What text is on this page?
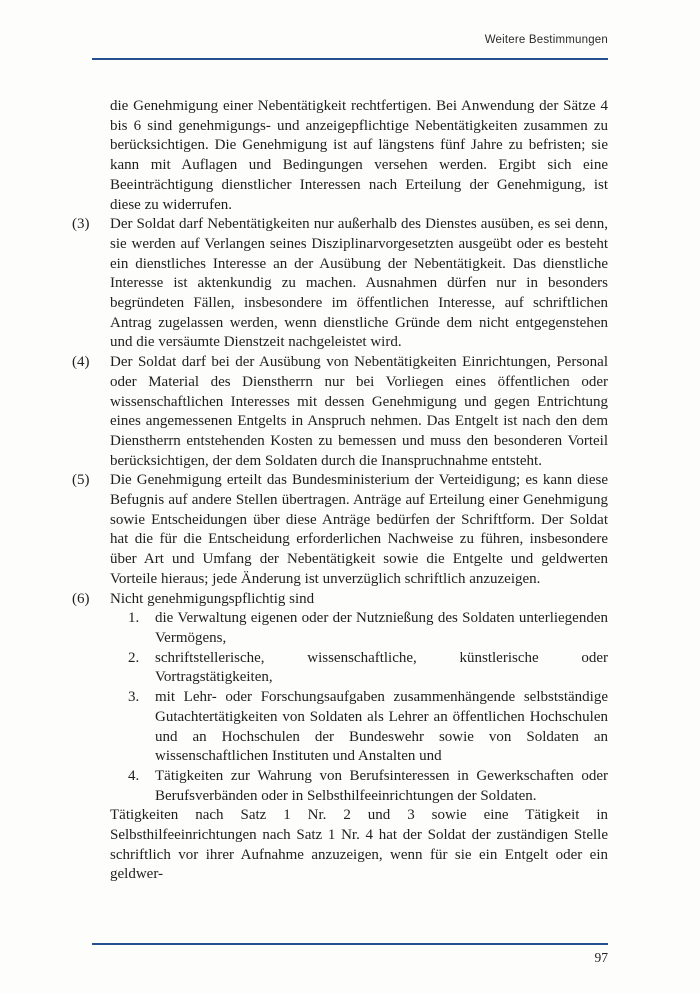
Weitere Bestimmungen

die Genehmigung einer Nebentätigkeit rechtfertigen. Bei Anwendung der Sätze 4 bis 6 sind genehmigungs- und anzeigepflichtige Nebentätigkeiten zusammen zu berücksichtigen. Die Genehmigung ist auf längstens fünf Jahre zu befristen; sie kann mit Auflagen und Bedingungen versehen werden. Ergibt sich eine Beeinträchtigung dienstlicher Interessen nach Erteilung der Genehmigung, ist diese zu widerrufen.

(3)	Der Soldat darf Nebentätigkeiten nur außerhalb des Dienstes ausüben, es sei denn, sie werden auf Verlangen seines Disziplinarvorgesetzten ausgeübt oder es besteht ein dienstliches Interesse an der Ausübung der Nebentätigkeit. Das dienstliche Interesse ist aktenkundig zu machen. Ausnahmen dürfen nur in besonders begründeten Fällen, insbesondere im öffentlichen Interesse, auf schriftlichen Antrag zugelassen werden, wenn dienstliche Gründe dem nicht entgegenstehen und die versäumte Dienstzeit nachgeleistet wird.

(4)	Der Soldat darf bei der Ausübung von Nebentätigkeiten Einrichtungen, Personal oder Material des Dienstherrn nur bei Vorliegen eines öffentlichen oder wissenschaftlichen Interesses mit dessen Genehmigung und gegen Entrichtung eines angemessenen Entgelts in Anspruch nehmen. Das Entgelt ist nach den dem Dienstherrn entstehenden Kosten zu bemessen und muss den besonderen Vorteil berücksichtigen, der dem Soldaten durch die Inanspruchnahme entsteht.

(5)	Die Genehmigung erteilt das Bundesministerium der Verteidigung; es kann diese Befugnis auf andere Stellen übertragen. Anträge auf Erteilung einer Genehmigung sowie Entscheidungen über diese Anträge bedürfen der Schriftform. Der Soldat hat die für die Entscheidung erforderlichen Nachweise zu führen, insbesondere über Art und Umfang der Nebentätigkeit sowie die Entgelte und geldwerten Vorteile hieraus; jede Änderung ist unverzüglich schriftlich anzuzeigen.

(6)	Nicht genehmigungspflichtig sind

1.	die Verwaltung eigenen oder der Nutznießung des Soldaten unterliegenden Vermögens,

2.	schriftstellerische, wissenschaftliche, künstlerische oder Vortragstätigkeiten,

3.	mit Lehr- oder Forschungsaufgaben zusammenhängende selbstständige Gutachtertätigkeiten von Soldaten als Lehrer an öffentlichen Hochschulen und an Hochschulen der Bundeswehr sowie von Soldaten an wissenschaftlichen Instituten und Anstalten und

4.	Tätigkeiten zur Wahrung von Berufsinteressen in Gewerkschaften oder Berufsverbänden oder in Selbsthilfeeinrichtungen der Soldaten.

Tätigkeiten nach Satz 1 Nr. 2 und 3 sowie eine Tätigkeit in Selbsthilfeeinrichtungen nach Satz 1 Nr. 4 hat der Soldat der zuständigen Stelle schriftlich vor ihrer Aufnahme anzuzeigen, wenn für sie ein Entgelt oder ein geldwer-

97
